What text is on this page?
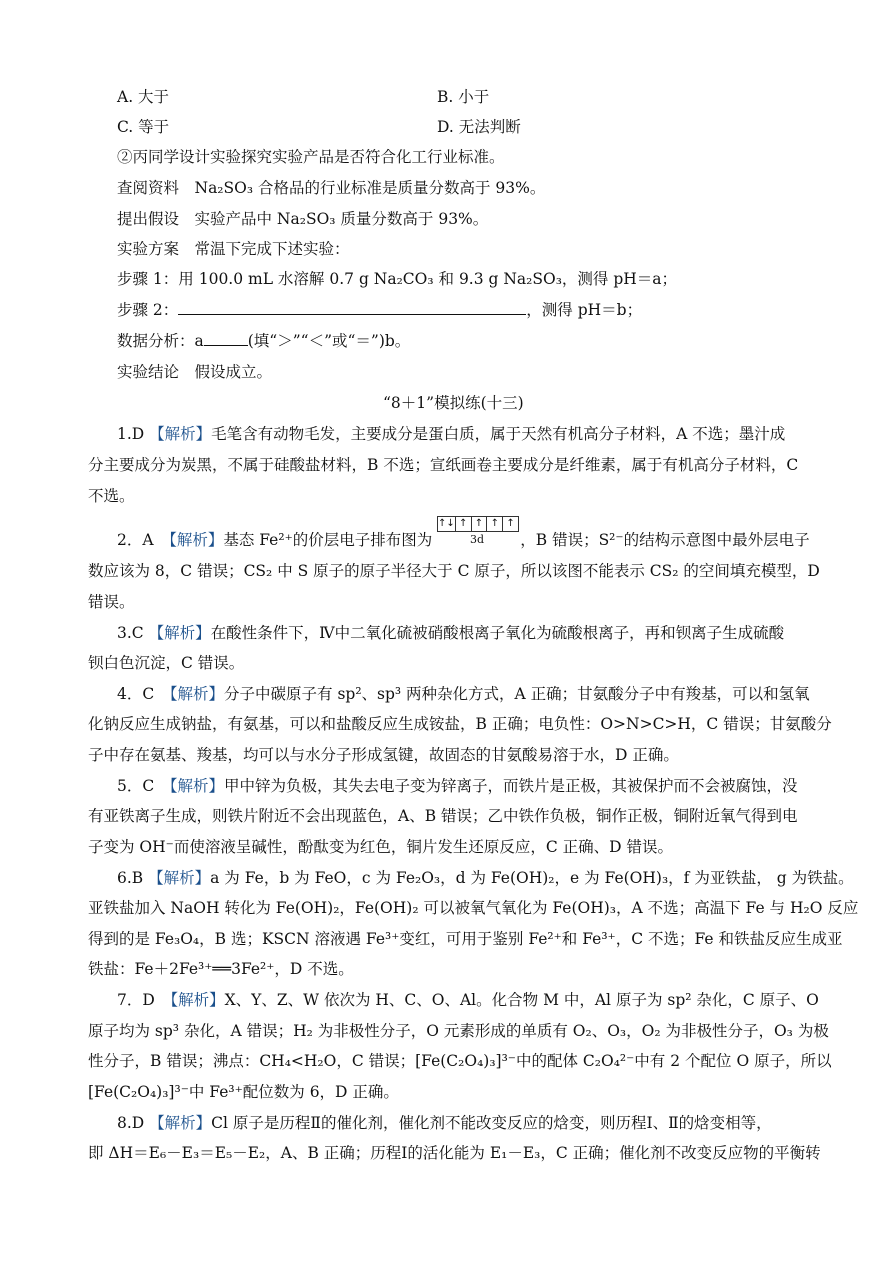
A. 大于	B. 小于
C. 等于	D. 无法判断
②丙同学设计实验探究实验产品是否符合化工行业标准。
查阅资料　Na₂SO₃ 合格品的行业标准是质量分数高于 93%。
提出假设　实验产品中 Na₂SO₃ 质量分数高于 93%。
实验方案　常温下完成下述实验：
步骤 1：用 100.0 mL 水溶解 0.7 g Na₂CO₃ 和 9.3 g Na₂SO₃，测得 pH＝a；
步骤 2：	，测得 pH＝b；
数据分析：a	(填“＞”“＜”或“＝”)b。
实验结论　假设成立。
“8＋1”模拟练(十三)
1.D 【解析】毛笔含有动物毛发，主要成分是蛋白质，属于天然有机高分子材料，A 不选；墨汁成
分主要成分为炭黑，不属于硅酸盐材料，B 不选；宣纸画卷主要成分是纤维素，属于有机高分子材料，C
不选。
2．A　 【解析】基态 Fe²⁺的价层电子排布图为	，B 错误；S²⁻的结构示意图中最外层电子
↑↓ ↑ ↑ ↑ ↑
3d
数应该为 8，C 错误；CS₂ 中 S 原子的原子半径大于 C 原子，所以该图不能表示 CS₂ 的空间填充模型，D
错误。
3.C 【解析】在酸性条件下，Ⅳ中二氧化硫被硝酸根离子氧化为硫酸根离子，再和钡离子生成硫酸
钡白色沉淀，C 错误。
4．C　 【解析】分子中碳原子有 sp²、sp³ 两种杂化方式，A 正确；甘氨酸分子中有羧基，可以和氢氧
化钠反应生成钠盐，有氨基，可以和盐酸反应生成铵盐，B 正确；电负性：O>N>C>H，C 错误；甘氨酸分
子中存在氨基、羧基，均可以与水分子形成氢键，故固态的甘氨酸易溶于水，D 正确。
5．C　 【解析】甲中锌为负极，其失去电子变为锌离子，而铁片是正极，其被保护而不会被腐蚀，没
有亚铁离子生成，则铁片附近不会出现蓝色，A、B 错误；乙中铁作负极，铜作正极，铜附近氧气得到电
子变为 OH⁻而使溶液呈碱性，酚酞变为红色，铜片发生还原反应，C 正确、D 错误。
6.B 【解析】a 为 Fe，b 为 FeO，c 为 Fe₂O₃，d 为 Fe(OH)₂，e 为 Fe(OH)₃，f 为亚铁盐， g 为铁盐。
亚铁盐加入 NaOH 转化为 Fe(OH)₂，Fe(OH)₂ 可以被氧气氧化为 Fe(OH)₃，A 不选；高温下 Fe 与 H₂O 反应
得到的是 Fe₃O₄，B 选；KSCN 溶液遇 Fe³⁺变红，可用于鉴别 Fe²⁺和 Fe³⁺，C 不选；Fe 和铁盐反应生成亚
铁盐：Fe＋2Fe³⁺══3Fe²⁺，D 不选。
7．D　 【解析】X、Y、Z、W 依次为 H、C、O、Al。化合物 M 中，Al 原子为 sp² 杂化，C 原子、O
原子均为 sp³ 杂化，A 错误；H₂ 为非极性分子，O 元素形成的单质有 O₂、O₃，O₂ 为非极性分子，O₃ 为极
性分子，B 错误；沸点：CH₄<H₂O，C 错误；[Fe(C₂O₄)₃]³⁻中的配体 C₂O₄²⁻中有 2 个配位 O 原子，所以
[Fe(C₂O₄)₃]³⁻中 Fe³⁺配位数为 6，D 正确。
8.D 【解析】Cl 原子是历程Ⅱ的催化剂，催化剂不能改变反应的焓变，则历程Ⅰ、Ⅱ的焓变相等，
即 ΔH＝E₆－E₃＝E₅－E₂，A、B 正确；历程Ⅰ的活化能为 E₁－E₃，C 正确；催化剂不改变反应物的平衡转
